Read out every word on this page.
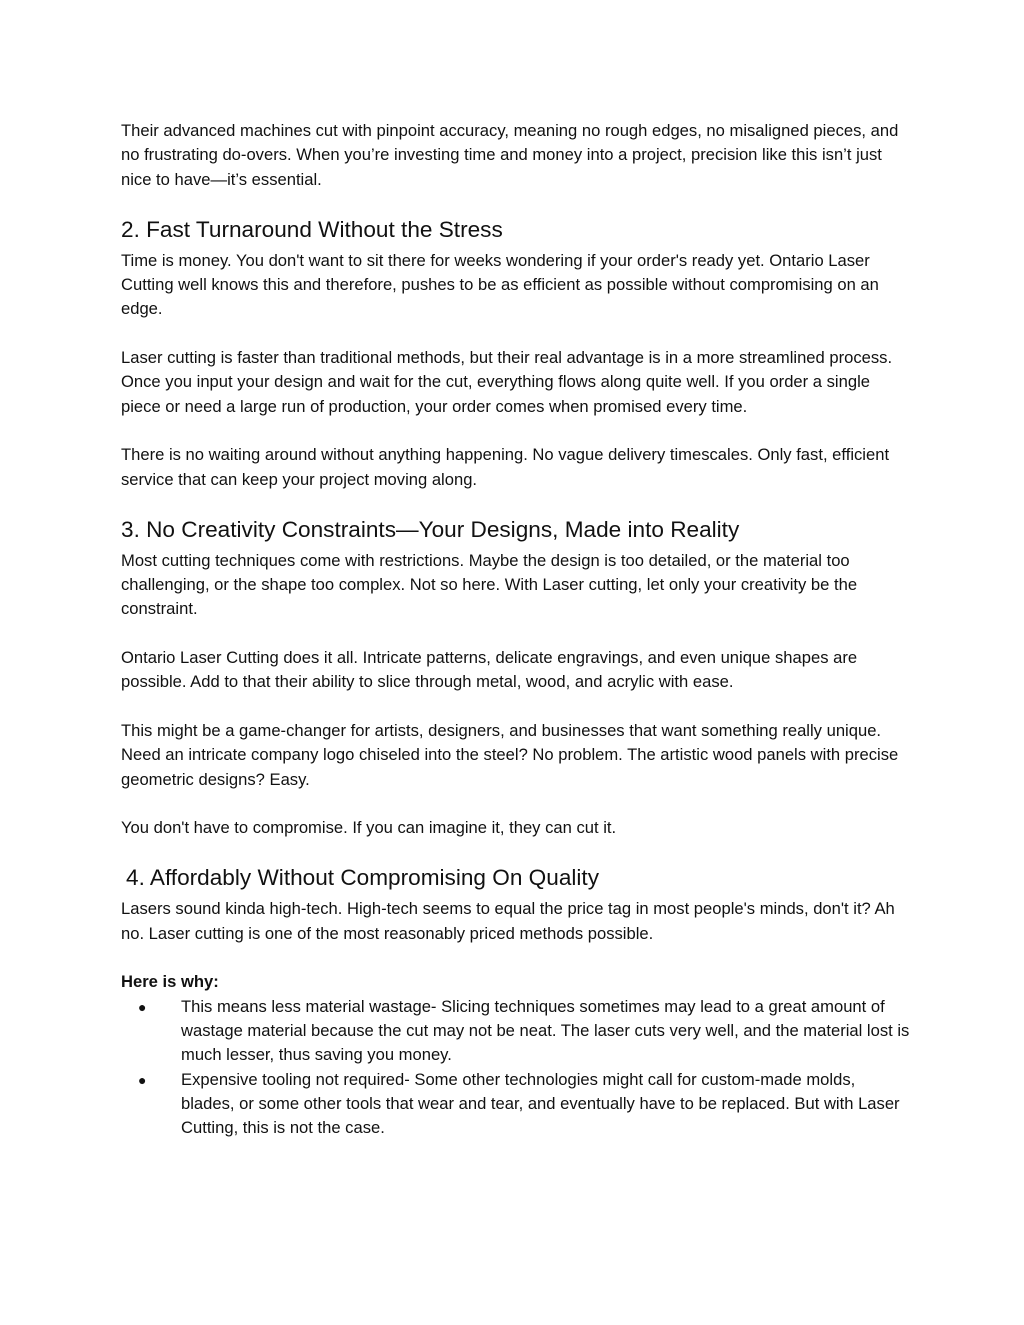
Their advanced machines cut with pinpoint accuracy, meaning no rough edges, no misaligned pieces, and no frustrating do-overs. When you’re investing time and money into a project, precision like this isn’t just nice to have—it’s essential.

2. Fast Turnaround Without the Stress

Time is money. You don't want to sit there for weeks wondering if your order's ready yet. Ontario Laser Cutting well knows this and therefore, pushes to be as efficient as possible without compromising on an edge.

Laser cutting is faster than traditional methods, but their real advantage is in a more streamlined process. Once you input your design and wait for the cut, everything flows along quite well. If you order a single piece or need a large run of production, your order comes when promised every time.

There is no waiting around without anything happening. No vague delivery timescales. Only fast, efficient service that can keep your project moving along.

3. No Creativity Constraints—Your Designs, Made into Reality

Most cutting techniques come with restrictions. Maybe the design is too detailed, or the material too challenging, or the shape too complex. Not so here. With Laser cutting, let only your creativity be the constraint.

Ontario Laser Cutting does it all. Intricate patterns, delicate engravings, and even unique shapes are possible. Add to that their ability to slice through metal, wood, and acrylic with ease.

This might be a game-changer for artists, designers, and businesses that want something really unique. Need an intricate company logo chiseled into the steel? No problem. The artistic wood panels with precise geometric designs? Easy.

You don't have to compromise. If you can imagine it, they can cut it.

4. Affordably Without Compromising On Quality

Lasers sound kinda high-tech. High-tech seems to equal the price tag in most people's minds, don't it? Ah no. Laser cutting is one of the most reasonably priced methods possible.

Here is why:

● This means less material wastage- Slicing techniques sometimes may lead to a great amount of wastage material because the cut may not be neat. The laser cuts very well, and the material lost is much lesser, thus saving you money.
● Expensive tooling not required- Some other technologies might call for custom-made molds, blades, or some other tools that wear and tear, and eventually have to be replaced. But with Laser Cutting, this is not the case.
